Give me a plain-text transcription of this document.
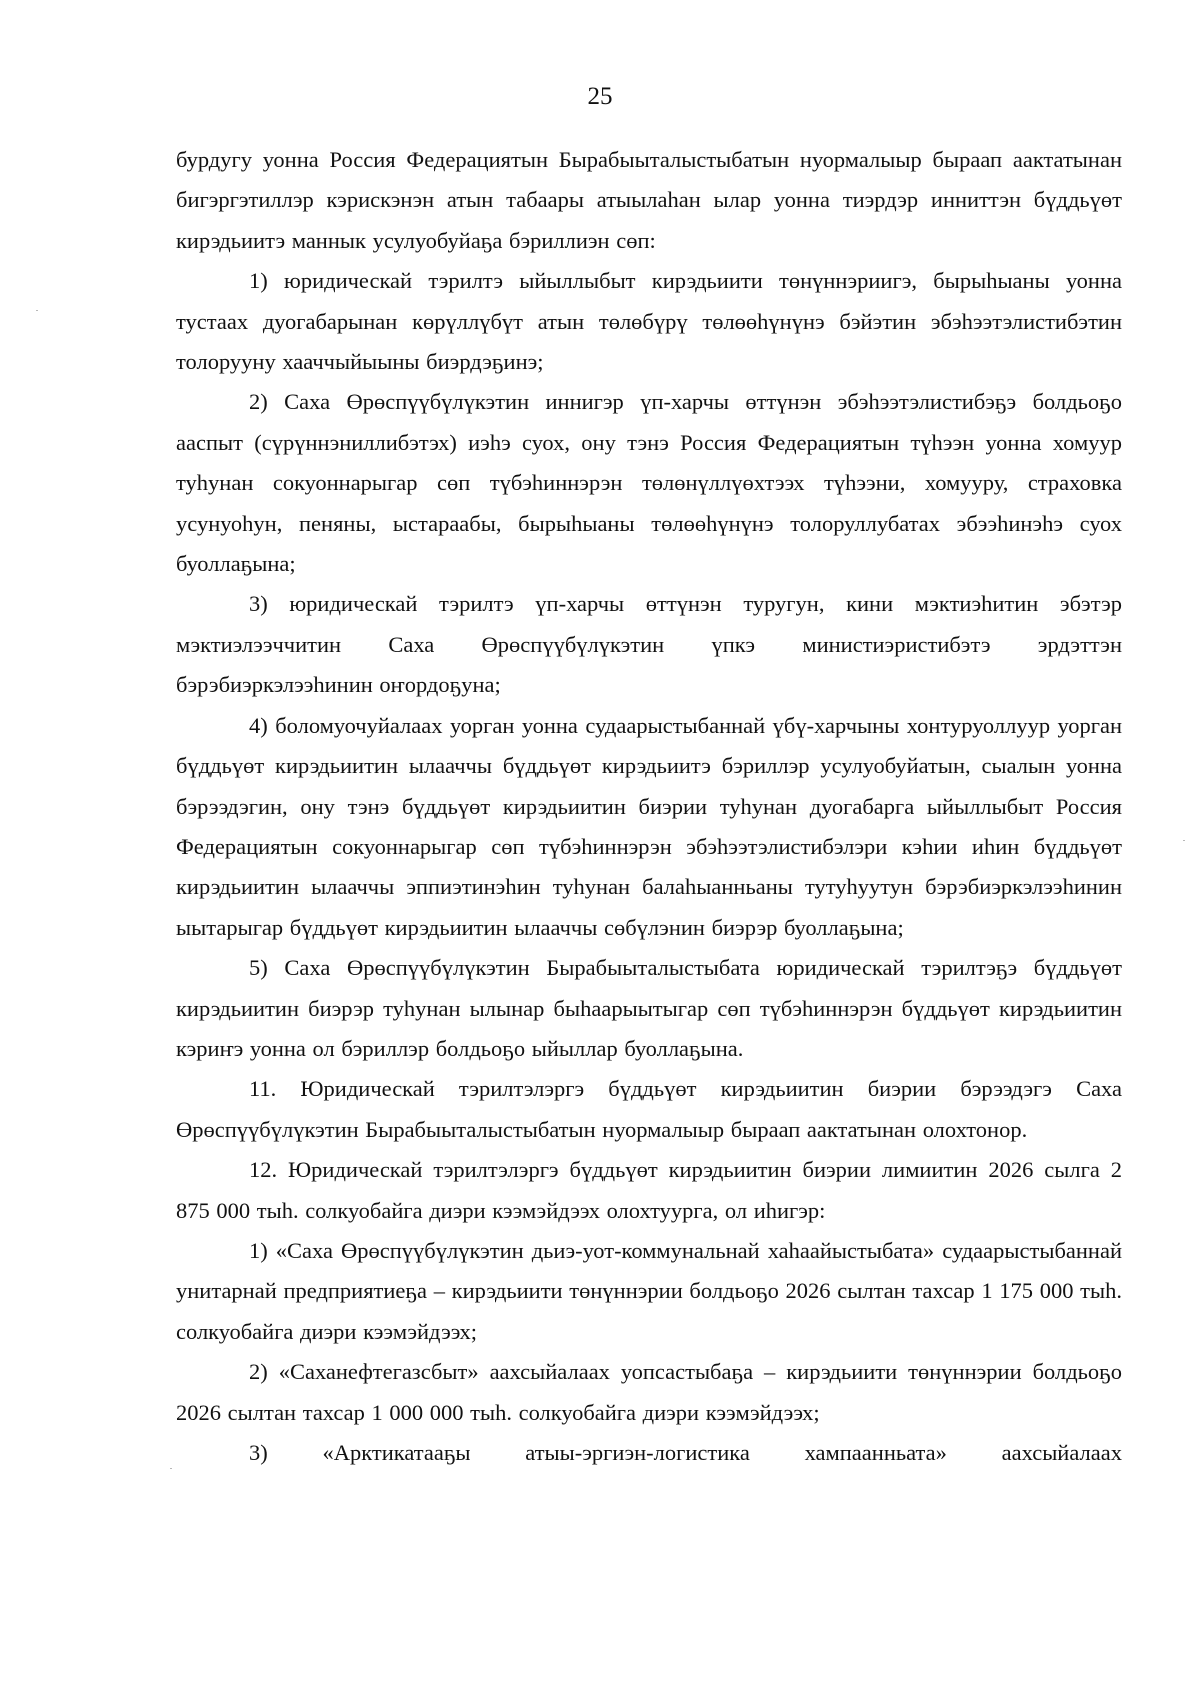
25

бурдугу уонна Россия Федерациятын Бырабыыталыстыбатын нуормалыыр быраап аактатынан бигэргэтиллэр кэрискэнэн атын табаары атыылаһан ылар уонна тиэрдэр инниттэн бүддьүөт кирэдьиитэ маннык усулуобуйаҕа бэриллиэн сөп:

1) юридическай тэрилтэ ыйыллыбыт кирэдьиити төнүннэриигэ, бырыһыаны уонна тустаах дуогабарынан көрүллүбүт атын төлөбүрү төлөөһүнүнэ бэйэтин эбэһээтэлистибэтин толорууну хааччыйыыны биэрдэҕинэ;

2) Саха Өрөспүүбүлүкэтин иннигэр үп-харчы өттүнэн эбэһээтэлистибэҕэ болдьоҕо ааспыт (сүрүннэниллибэтэх) иэһэ суох, ону тэнэ Россия Федерациятын түһээн уонна хомуур туһунан сокуоннарыгар сөп түбэһиннэрэн төлөнүллүөхтээх түһээни, хомууру, страховка усунуоһун, пеняны, ыстараабы, бырыһыаны төлөөһүнүнэ толоруллубатах эбээһинэһэ суох буоллаҕына;

3) юридическай тэрилтэ үп-харчы өттүнэн туругун, кини мэктиэһитин эбэтэр мэктиэлээччитин Саха Өрөспүүбүлүкэтин үпкэ министиэристибэтэ эрдэттэн бэрэбиэркэлээһинин оҥордоҕуна;

4) боломуочуйалаах уорган уонна судаарыстыбаннай үбү-харчыны хонтуруоллуур уорган бүддьүөт кирэдьиитин ылааччы бүддьүөт кирэдьиитэ бэриллэр усулуобуйатын, сыалын уонна бэрээдэгин, ону тэнэ бүддьүөт кирэдьиитин биэрии туһунан дуогабарга ыйыллыбыт Россия Федерациятын сокуоннарыгар сөп түбэһиннэрэн эбэһээтэлистибэлэри кэһии иһин бүддьүөт кирэдьиитин ылааччы эппиэтинэһин туһунан балаһыанньаны тутуһуутун бэрэбиэркэлээһинин ыытарыгар бүддьүөт кирэдьиитин ылааччы сөбүлэнин биэрэр буоллаҕына;

5) Саха Өрөспүүбүлүкэтин Бырабыыталыстыбата юридическай тэрилтэҕэ бүддьүөт кирэдьиитин биэрэр туһунан ылынар быһаарыытыгар сөп түбэһиннэрэн бүддьүөт кирэдьиитин кэриҥэ уонна ол бэриллэр болдьоҕо ыйыллар буоллаҕына.

11. Юридическай тэрилтэлэргэ бүддьүөт кирэдьиитин биэрии бэрээдэгэ Саха Өрөспүүбүлүкэтин Бырабыыталыстыбатын нуормалыыр быраап аактатынан олохтонор.

12. Юридическай тэрилтэлэргэ бүддьүөт кирэдьиитин биэрии лимиитин 2026 сылга 2 875 000 тыһ. солкуобайга диэри кээмэйдээх олохтуурга, ол иһигэр:

1) «Саха Өрөспүүбүлүкэтин дьиэ-уот-коммунальнай хаһаайыстыбата» судаарыстыбаннай унитарнай предприятиеҕа – кирэдьиити төнүннэрии болдьоҕо 2026 сылтан тахсар 1 175 000 тыһ. солкуобайга диэри кээмэйдээх;

2) «Саханефтегазсбыт» аахсыйалаах уопсастыбаҕа – кирэдьиити төнүннэрии болдьоҕо 2026 сылтан тахсар 1 000 000 тыһ. солкуобайга диэри кээмэйдээх;

3) «Арктикатааҕы атыы-эргиэн-логистика хампаанньата» аахсыйалаах
